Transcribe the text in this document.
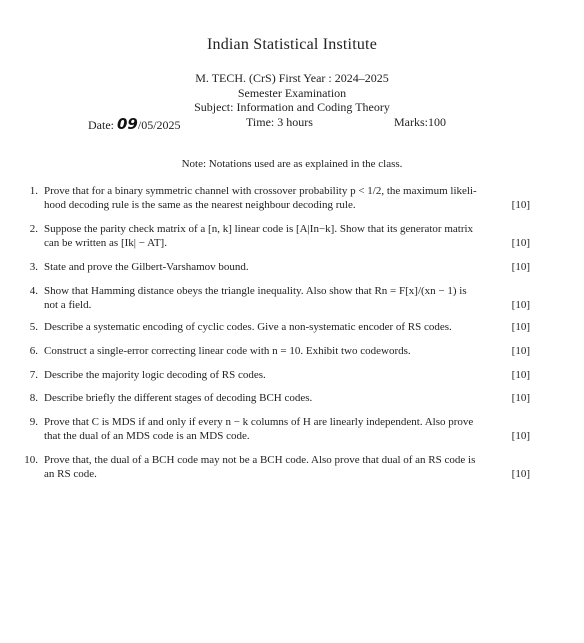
Indian Statistical Institute
M. TECH. (CrS) First Year : 2024–2025
Semester Examination
Subject: Information and Coding Theory
Date: 09/05/2025	Time: 3 hours	Marks:100
Note: Notations used are as explained in the class.
1. Prove that for a binary symmetric channel with crossover probability p < 1/2, the maximum likeli-
hood decoding rule is the same as the nearest neighbour decoding rule.	[10]
2. Suppose the parity check matrix of a [n, k] linear code is [A|In−k]. Show that its generator matrix
can be written as [Ik| − AT].	[10]
3. State and prove the Gilbert-Varshamov bound.	[10]
4. Show that Hamming distance obeys the triangle inequality. Also show that Rn = F[x]/(xn − 1) is
not a field.	[10]
5. Describe a systematic encoding of cyclic codes. Give a non-systematic encoder of RS codes.	[10]
6. Construct a single-error correcting linear code with n = 10. Exhibit two codewords.	[10]
7. Describe the majority logic decoding of RS codes.	[10]
8. Describe briefly the different stages of decoding BCH codes.	[10]
9. Prove that C is MDS if and only if every n − k columns of H are linearly independent. Also prove
that the dual of an MDS code is an MDS code.	[10]
10. Prove that, the dual of a BCH code may not be a BCH code. Also prove that dual of an RS code is
an RS code.	[10]
